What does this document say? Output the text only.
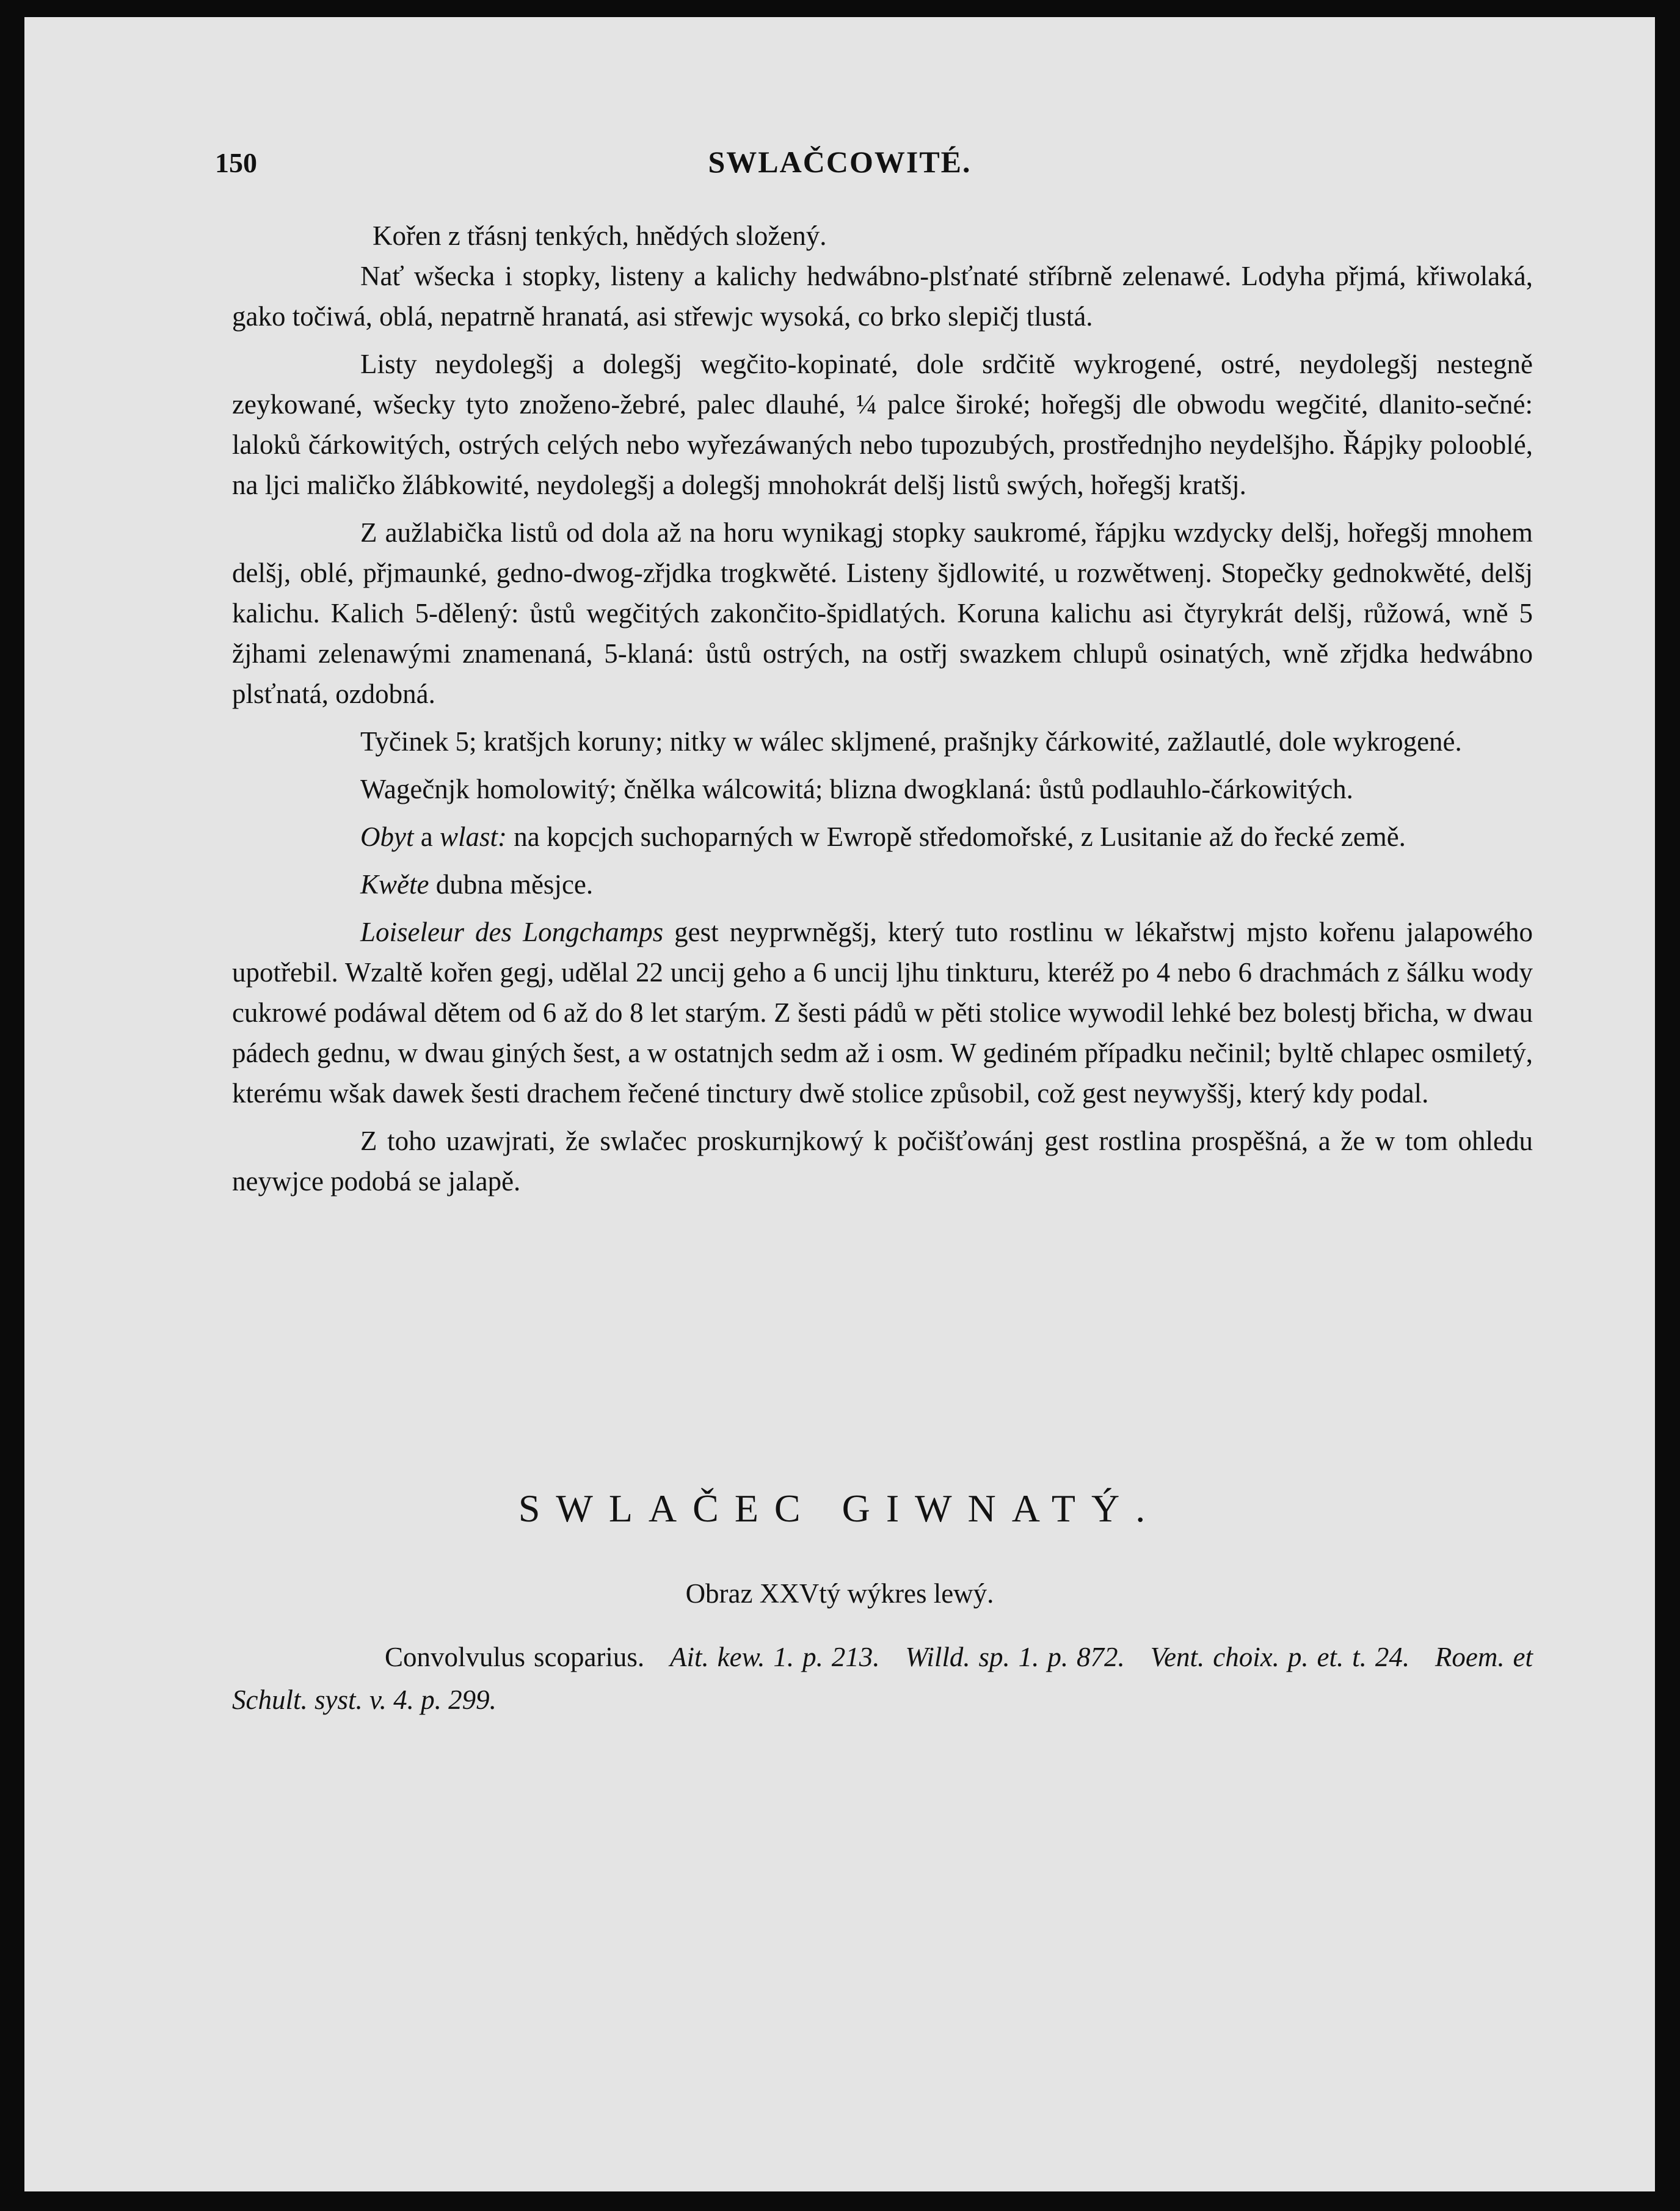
150	SWLAČCOWITÉ.

Kořen z třásnj tenkých, hnědých složený.

Nať wšecka i stopky, listeny a kalichy hedwábno-plsťnaté stříbrně zelenawé. Lodyha přjmá, křiwolaká, gako točiwá, oblá, nepatrně hranatá, asi střewjc wysoká, co brko slepičj tlustá.

Listy neydolegšj a dolegšj wegčito-kopinaté, dole srdčitě wykrogené, ostré, neydolegšj nestegně zeykowané, wšecky tyto znoženo-žebré, palec dlauhé, ¼ palce široké; hořegšj dle obwodu wegčité, dlanito-sečné: laloků čárkowitých, ostrých celých nebo wyřezáwaných nebo tupozubých, prostřednjho neydelšjho. Řápjky polooblé, na ljci maličko žlábkowité, neydolegšj a dolegšj mnohokrát delšj listů swých, hořegšj kratšj.

Z aužlabička listů od dola až na horu wynikagj stopky saukromé, řápjku wzdycky delšj, hořegšj mnohem delšj, oblé, přjmaunké, gedno-dwog-zřjdka trogkwěté. Listeny šjdlowité, u rozwětwenj. Stopečky gednokwěté, delšj kalichu. Kalich 5-dělený: ůstů wegčitých zakončito-špidlatých. Koruna kalichu asi čtyrykrát delšj, růžowá, wně 5 žjhami zelenawými znamenaná, 5-klaná: ůstů ostrých, na ostřj swazkem chlupů osinatých, wně zřjdka hedwábno plsťnatá, ozdobná.

Tyčinek 5; kratšjch koruny; nitky w wálec skljmené, prašnjky čárkowité, zažlautlé, dole wykrogené.

Wagečnjk homolowitý; čnělka wálcowitá; blizna dwogklaná: ůstů podlauhlo-čárkowitých.

Obyt a wlast: na kopcjch suchoparných w Ewropě středomořské, z Lusitanie až do řecké země.

Kwěte dubna měsjce.

Loiseleur des Longchamps gest neyprwněgšj, který tuto rostlinu w lékařstwj mjsto kořenu jalapowého upotřebil. Wzaltě kořen gegj, udělal 22 uncij geho a 6 uncij ljhu tinkturu, kteréž po 4 nebo 6 drachmách z šálku wody cukrowé podáwal dětem od 6 až do 8 let starým. Z šesti pádů w pěti stolice wywodil lehké bez bolestj břicha, w dwau pádech gednu, w dwau giných šest, a w ostatnjch sedm až i osm. W gediném případku nečinil; byltě chlapec osmiletý, kterému wšak dawek šesti drachem řečené tinctury dwě stolice způsobil, což gest neywyššj, který kdy podal.

Z toho uzawjrati, že swlačec proskurnjkowý k počišťowánj gest rostlina prospěšná, a že w tom ohledu neywjce podobá se jalapě.

SWLAČEC GIWNATÝ.
Obraz XXVtý wýkres lewý.

Convolvulus scoparius. Ait. kew. 1. p. 213. Willd. sp. 1. p. 872. Vent. choix. p. et. t. 24. Roem. et Schult. syst. v. 4. p. 299.
